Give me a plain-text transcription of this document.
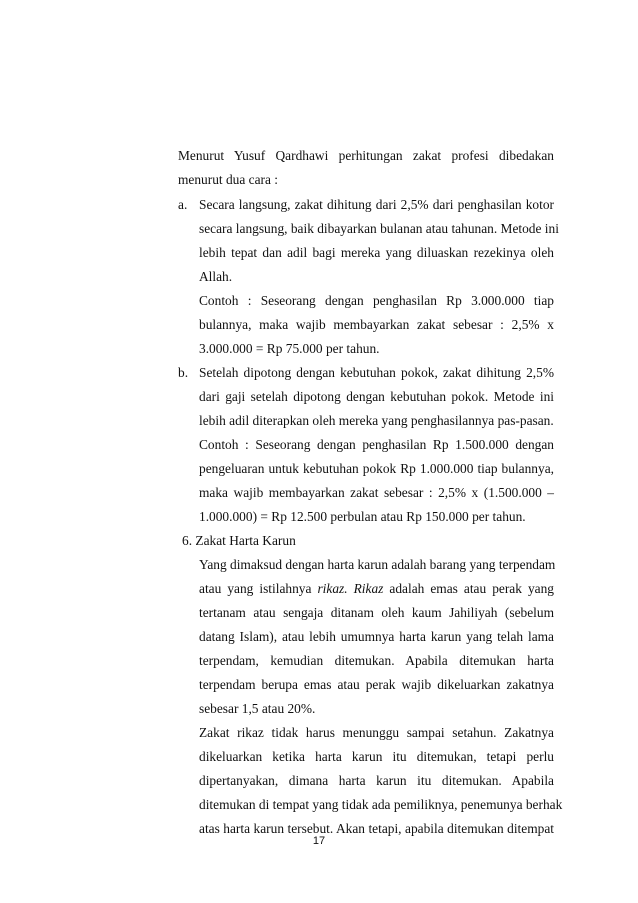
Menurut Yusuf Qardhawi perhitungan zakat profesi dibedakan
menurut dua cara :
a. Secara langsung, zakat dihitung dari 2,5% dari penghasilan kotor
secara langsung, baik dibayarkan bulanan atau tahunan. Metode ini
lebih tepat dan adil bagi mereka yang diluaskan rezekinya oleh
Allah.
Contoh : Seseorang dengan penghasilan Rp 3.000.000 tiap
bulannya, maka wajib membayarkan zakat sebesar : 2,5% x
3.000.000 = Rp 75.000 per tahun.
b. Setelah dipotong dengan kebutuhan pokok, zakat dihitung 2,5%
dari gaji setelah dipotong dengan kebutuhan pokok. Metode ini
lebih adil diterapkan oleh mereka yang penghasilannya pas-pasan.
Contoh : Seseorang dengan penghasilan Rp 1.500.000 dengan
pengeluaran untuk kebutuhan pokok Rp 1.000.000 tiap bulannya,
maka wajib membayarkan zakat sebesar : 2,5% x (1.500.000 –
1.000.000) = Rp 12.500 perbulan atau Rp 150.000 per tahun.
6. Zakat Harta Karun
Yang dimaksud dengan harta karun adalah barang yang terpendam
atau yang istilahnya rikaz. Rikaz adalah emas atau perak yang
tertanam atau sengaja ditanam oleh kaum Jahiliyah (sebelum
datang Islam), atau lebih umumnya harta karun yang telah lama
terpendam, kemudian ditemukan. Apabila ditemukan harta
terpendam berupa emas atau perak wajib dikeluarkan zakatnya
sebesar 1,5 atau 20%.
Zakat rikaz tidak harus menunggu sampai setahun. Zakatnya
dikeluarkan ketika harta karun itu ditemukan, tetapi perlu
dipertanyakan, dimana harta karun itu ditemukan. Apabila
ditemukan di tempat yang tidak ada pemiliknya, penemunya berhak
atas harta karun tersebut. Akan tetapi, apabila ditemukan ditempat
17
